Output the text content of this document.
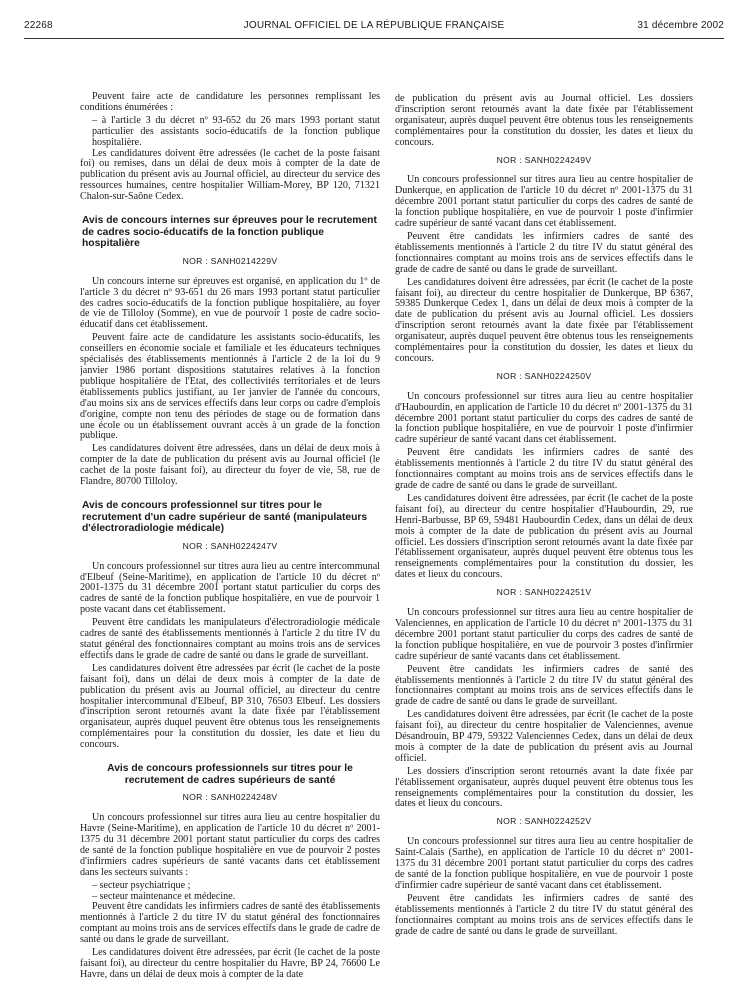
22268	JOURNAL OFFICIEL DE LA RÉPUBLIQUE FRANÇAISE	31 décembre 2002

Peuvent faire acte de candidature les personnes remplissant les conditions énumérées :

– à l'article 3 du décret nº 93-652 du 26 mars 1993 portant statut particulier des assistants socio-éducatifs de la fonction publique hospitalière.

Les candidatures doivent être adressées (le cachet de la poste faisant foi) ou remises, dans un délai de deux mois à compter de la date de publication du présent avis au Journal officiel, au directeur du service des ressources humaines, centre hospitalier William-Morey, BP 120, 71321 Chalon-sur-Saône Cedex.

Avis de concours internes sur épreuves pour le recrutement de cadres socio-éducatifs de la fonction publique hospitalière
NOR : SANH0214229V

Un concours interne sur épreuves est organisé, en application du 1º de l'article 3 du décret nº 93-651 du 26 mars 1993 portant statut particulier des cadres socio-éducatifs de la fonction publique hospitalière, au foyer de vie de Tilloloy (Somme), en vue de pourvoir 1 poste de cadre socio-éducatif dans cet établissement.

Peuvent faire acte de candidature les assistants socio-éducatifs, les conseillers en économie sociale et familiale et les éducateurs techniques spécialisés des établissements mentionnés à l'article 2 de la loi du 9 janvier 1986 portant dispositions statutaires relatives à la fonction publique hospitalière de l'Etat, des collectivités territoriales et de leurs établissements publics justifiant, au 1er janvier de l'année du concours, d'au moins six ans de services effectifs dans leur corps ou cadre d'emplois d'origine, compte non tenu des périodes de stage ou de formation dans une école ou un établissement ouvrant accès à un grade de la fonction publique.

Les candidatures doivent être adressées, dans un délai de deux mois à compter de la date de publication du présent avis au Journal officiel (le cachet de la poste faisant foi), au directeur du foyer de vie, 58, rue de Flandre, 80700 Tilloloy.

Avis de concours professionnel sur titres pour le recrutement d'un cadre supérieur de santé (manipulateurs d'électroradiologie médicale)
NOR : SANH0224247V

Un concours professionnel sur titres aura lieu au centre intercommunal d'Elbeuf (Seine-Maritime), en application de l'article 10 du décret nº 2001-1375 du 31 décembre 2001 portant statut particulier du corps des cadres de santé de la fonction publique hospitalière, en vue de pourvoir 1 poste vacant dans cet établissement.

Peuvent être candidats les manipulateurs d'électroradiologie médicale cadres de santé des établissements mentionnés à l'article 2 du titre IV du statut général des fonctionnaires comptant au moins trois ans de services effectifs dans le grade de cadre de santé ou dans le grade de surveillant.

Les candidatures doivent être adressées par écrit (le cachet de la poste faisant foi), dans un délai de deux mois à compter de la date de publication du présent avis au Journal officiel, au directeur du centre hospitalier intercommunal d'Elbeuf, BP 310, 76503 Elbeuf. Les dossiers d'inscription seront retournés avant la date fixée par l'établissement organisateur, auprès duquel peuvent être obtenus tous les renseignements complémentaires pour la constitution du dossier, les date et lieu du concours.

Avis de concours professionnels sur titres pour le recrutement de cadres supérieurs de santé
NOR : SANH0224248V

Un concours professionnel sur titres aura lieu au centre hospitalier du Havre (Seine-Maritime), en application de l'article 10 du décret nº 2001-1375 du 31 décembre 2001 portant statut particulier du corps des cadres de santé de la fonction publique hospitalière en vue de pourvoir 2 postes d'infirmiers cadres supérieurs de santé vacants dans cet établissement dans les secteurs suivants :

– secteur psychiatrique ;

– secteur maintenance et médecine.

Peuvent être candidats les infirmiers cadres de santé des établissements mentionnés à l'article 2 du titre IV du statut général des fonctionnaires comptant au moins trois ans de services effectifs dans le grade de cadre de santé ou dans le grade de surveillant.

Les candidatures doivent être adressées, par écrit (le cachet de la poste faisant foi), au directeur du centre hospitalier du Havre, BP 24, 76600 Le Havre, dans un délai de deux mois à compter de la date

de publication du présent avis au Journal officiel. Les dossiers d'inscription seront retournés avant la date fixée par l'établissement organisateur, auprès duquel peuvent être obtenus tous les renseignements complémentaires pour la constitution du dossier, les dates et lieux du concours.

NOR : SANH0224249V

Un concours professionnel sur titres aura lieu au centre hospitalier de Dunkerque, en application de l'article 10 du décret nº 2001-1375 du 31 décembre 2001 portant statut particulier du corps des cadres de santé de la fonction publique hospitalière, en vue de pourvoir 1 poste d'infirmier cadre supérieur de santé vacant dans cet établissement.

Peuvent être candidats les infirmiers cadres de santé des établissements mentionnés à l'article 2 du titre IV du statut général des fonctionnaires comptant au moins trois ans de services effectifs dans le grade de cadre de santé ou dans le grade de surveillant.

Les candidatures doivent être adressées, par écrit (le cachet de la poste faisant foi), au directeur du centre hospitalier de Dunkerque, BP 6367, 59385 Dunkerque Cedex 1, dans un délai de deux mois à compter de la date de publication du présent avis au Journal officiel. Les dossiers d'inscription seront retournés avant la date fixée par l'établissement organisateur, auprès duquel peuvent être obtenus tous les renseignements complémentaires pour la constitution du dossier, les dates et lieux du concours.

NOR : SANH0224250V

Un concours professionnel sur titres aura lieu au centre hospitalier d'Haubourdin, en application de l'article 10 du décret nº 2001-1375 du 31 décembre 2001 portant statut particulier du corps des cadres de santé de la fonction publique hospitalière, en vue de pourvoir 1 poste d'infirmier cadre supérieur de santé vacant dans cet établissement.

Peuvent être candidats les infirmiers cadres de santé des établissements mentionnés à l'article 2 du titre IV du statut général des fonctionnaires comptant au moins trois ans de services effectifs dans le grade de cadre de santé ou dans le grade de surveillant.

Les candidatures doivent être adressées, par écrit (le cachet de la poste faisant foi), au directeur du centre hospitalier d'Haubourdin, 29, rue Henri-Barbusse, BP 69, 59481 Haubourdin Cedex, dans un délai de deux mois à compter de la date de publication du présent avis au Journal officiel. Les dossiers d'inscription seront retournés avant la date fixée par l'établissement organisateur, auprès duquel peuvent être obtenus tous les renseignements complémentaires pour la constitution du dossier, les dates et lieux du concours.

NOR : SANH0224251V

Un concours professionnel sur titres aura lieu au centre hospitalier de Valenciennes, en application de l'article 10 du décret nº 2001-1375 du 31 décembre 2001 portant statut particulier du corps des cadres de santé de la fonction publique hospitalière, en vue de pourvoir 3 postes d'infirmier cadre supérieur de santé vacants dans cet établissement.

Peuvent être candidats les infirmiers cadres de santé des établissements mentionnés à l'article 2 du titre IV du statut général des fonctionnaires comptant au moins trois ans de services effectifs dans le grade de cadre de santé ou dans le grade de surveillant.

Les candidatures doivent être adressées, par écrit (le cachet de la poste faisant foi), au directeur du centre hospitalier de Valenciennes, avenue Désandrouin, BP 479, 59322 Valenciennes Cedex, dans un délai de deux mois à compter de la date de publication du présent avis au Journal officiel.

Les dossiers d'inscription seront retournés avant la date fixée par l'établissement organisateur, auprès duquel peuvent être obtenus tous les renseignements complémentaires pour la constitution du dossier, les dates et lieux du concours.

NOR : SANH0224252V

Un concours professionnel sur titres aura lieu au centre hospitalier de Saint-Calais (Sarthe), en application de l'article 10 du décret nº 2001-1375 du 31 décembre 2001 portant statut particulier du corps des cadres de santé de la fonction publique hospitalière, en vue de pourvoir 1 poste d'infirmier cadre supérieur de santé vacant dans cet établissement.

Peuvent être candidats les infirmiers cadres de santé des établissements mentionnés à l'article 2 du titre IV du statut général des fonctionnaires comptant au moins trois ans de services effectifs dans le grade de cadre de santé ou dans le grade de surveillant.
